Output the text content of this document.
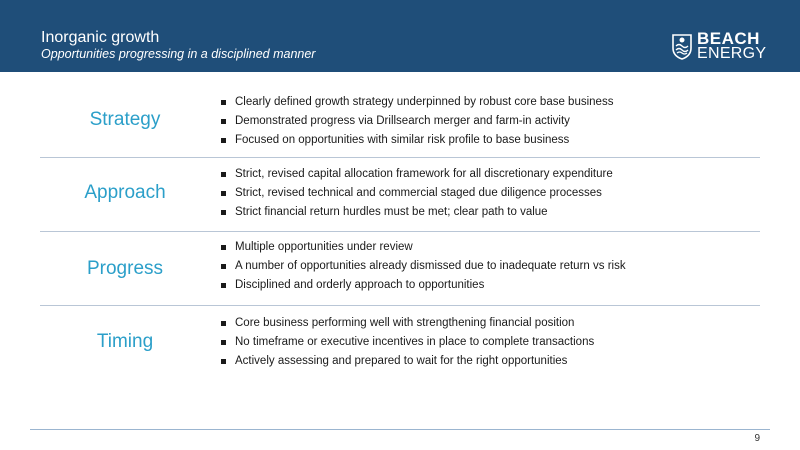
Inorganic growth
Opportunities progressing in a disciplined manner
BEACH
ENERGY
Strategy
Clearly defined growth strategy underpinned by robust core base business
Demonstrated progress via Drillsearch merger and farm-in activity
Focused on opportunities with similar risk profile to base business
Approach
Strict, revised capital allocation framework for all discretionary expenditure
Strict, revised technical and commercial staged due diligence processes
Strict financial return hurdles must be met; clear path to value
Progress
Multiple opportunities under review
A number of opportunities already dismissed due to inadequate return vs risk
Disciplined and orderly approach to opportunities
Timing
Core business performing well with strengthening financial position
No timeframe or executive incentives in place to complete transactions
Actively assessing and prepared to wait for the right opportunities
9
